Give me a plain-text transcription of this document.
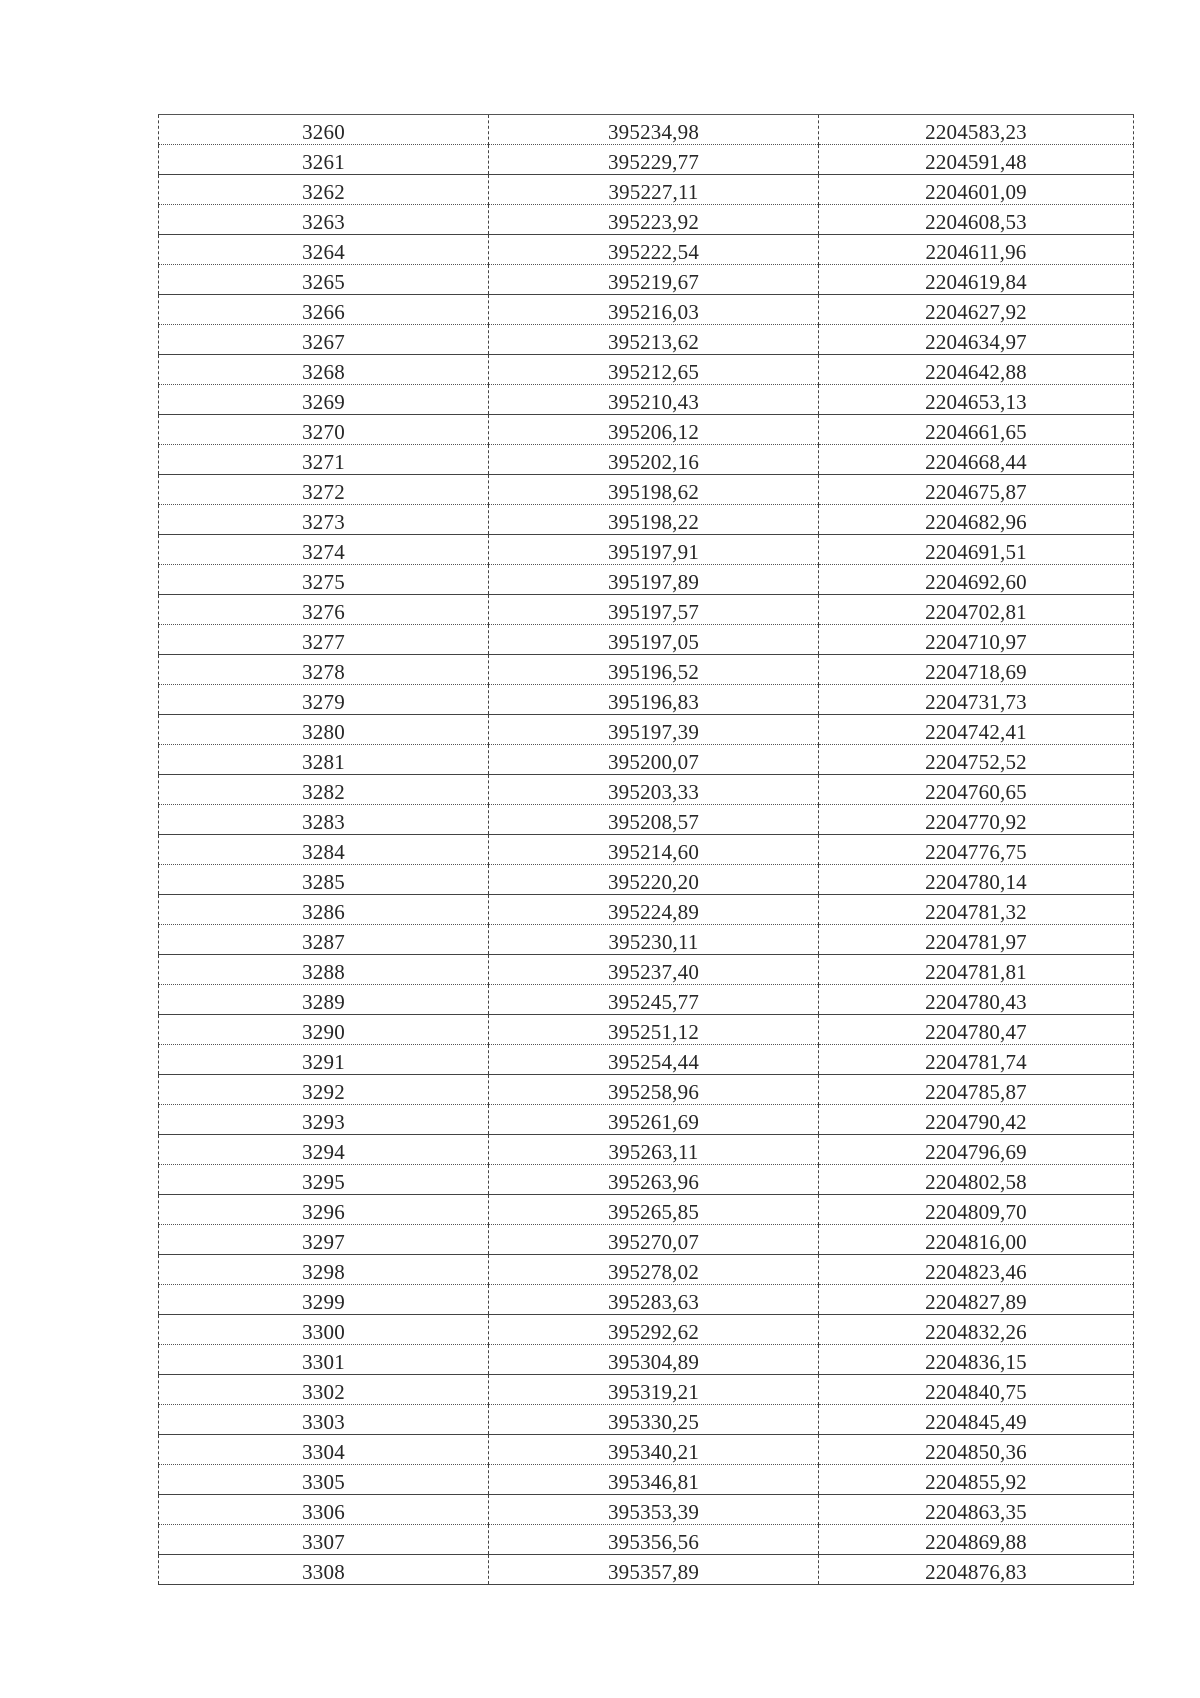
3260	395234,98	2204583,23
3261	395229,77	2204591,48
3262	395227,11	2204601,09
3263	395223,92	2204608,53
3264	395222,54	2204611,96
3265	395219,67	2204619,84
3266	395216,03	2204627,92
3267	395213,62	2204634,97
3268	395212,65	2204642,88
3269	395210,43	2204653,13
3270	395206,12	2204661,65
3271	395202,16	2204668,44
3272	395198,62	2204675,87
3273	395198,22	2204682,96
3274	395197,91	2204691,51
3275	395197,89	2204692,60
3276	395197,57	2204702,81
3277	395197,05	2204710,97
3278	395196,52	2204718,69
3279	395196,83	2204731,73
3280	395197,39	2204742,41
3281	395200,07	2204752,52
3282	395203,33	2204760,65
3283	395208,57	2204770,92
3284	395214,60	2204776,75
3285	395220,20	2204780,14
3286	395224,89	2204781,32
3287	395230,11	2204781,97
3288	395237,40	2204781,81
3289	395245,77	2204780,43
3290	395251,12	2204780,47
3291	395254,44	2204781,74
3292	395258,96	2204785,87
3293	395261,69	2204790,42
3294	395263,11	2204796,69
3295	395263,96	2204802,58
3296	395265,85	2204809,70
3297	395270,07	2204816,00
3298	395278,02	2204823,46
3299	395283,63	2204827,89
3300	395292,62	2204832,26
3301	395304,89	2204836,15
3302	395319,21	2204840,75
3303	395330,25	2204845,49
3304	395340,21	2204850,36
3305	395346,81	2204855,92
3306	395353,39	2204863,35
3307	395356,56	2204869,88
3308	395357,89	2204876,83
